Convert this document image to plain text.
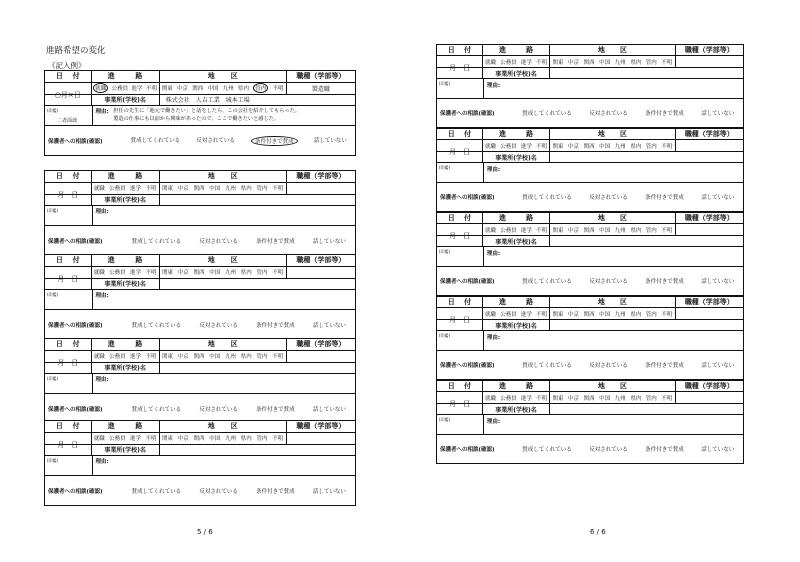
進路希望の変化
《記入例》
日 付	進	路	地 区	職種（学部等）
○月×日
就職 公務員 進学 不明 関東 中京 関西 中国 九州 県内	管内	不明	製造職
事業所(学校)名	株式会社　人吉工業　城本工場
(印鑑)
二者面談
理由: 担任の先生に「地元で働きたい」と話をしたら、この会社を紹介してもらった。
製造の仕事にも以前から興味があったので、ここで働きたいと感じた。
保護者への相談(確認)	賛成してくれている	反対されている	条件付きで賛成	話していない
日 付	進	路	地 区	職種（学部等）
月 日
就職 公務員 進学 不明 関東 中京 関西 中国 九州 県内 管内 不明
事業所(学校)名
(印鑑)	理由:
保護者への相談(確認)	賛成してくれている	反対されている	条件付きで賛成	話していない
日 付	進	路	地 区	職種（学部等）
月 日
就職 公務員 進学 不明 関東 中京 関西 中国 九州 県内 管内 不明
事業所(学校)名
(印鑑)	理由:
保護者への相談(確認)	賛成してくれている	反対されている	条件付きで賛成	話していない
日 付	進	路	地 区	職種（学部等）
月 日
就職 公務員 進学 不明 関東 中京 関西 中国 九州 県内 管内 不明
事業所(学校)名
(印鑑)	理由:
保護者への相談(確認)	賛成してくれている	反対されている	条件付きで賛成	話していない
日 付	進	路	地 区	職種（学部等）
月 日
就職 公務員 進学 不明 関東 中京 関西 中国 九州 県内 管内 不明
事業所(学校)名
(印鑑)	理由:
保護者への相談(確認)	賛成してくれている	反対されている	条件付きで賛成	話していない
5 / 6
日 付	進	路	地 区	職種（学部等）
月 日
就職 公務員 進学 不明 関東 中京 関西 中国 九州 県内 管内 不明
事業所(学校)名
(印鑑)	理由:
保護者への相談(確認)	賛成してくれている	反対されている	条件付きで賛成	話していない
日 付	進	路	地 区	職種（学部等）
月 日
就職 公務員 進学 不明 関東 中京 関西 中国 九州 県内 管内 不明
事業所(学校)名
(印鑑)	理由:
保護者への相談(確認)	賛成してくれている	反対されている	条件付きで賛成	話していない
日 付	進	路	地 区	職種（学部等）
月 日
就職 公務員 進学 不明 関東 中京 関西 中国 九州 県内 管内 不明
事業所(学校)名
(印鑑)	理由:
保護者への相談(確認)	賛成してくれている	反対されている	条件付きで賛成	話していない
日 付	進	路	地 区	職種（学部等）
月 日
就職 公務員 進学 不明 関東 中京 関西 中国 九州 県内 管内 不明
事業所(学校)名
(印鑑)	理由:
保護者への相談(確認)	賛成してくれている	反対されている	条件付きで賛成	話していない
日 付	進	路	地 区	職種（学部等）
月 日
就職 公務員 進学 不明 関東 中京 関西 中国 九州 県内 管内 不明
事業所(学校)名
(印鑑)	理由:
保護者への相談(確認)	賛成してくれている	反対されている	条件付きで賛成	話していない
6 / 6
